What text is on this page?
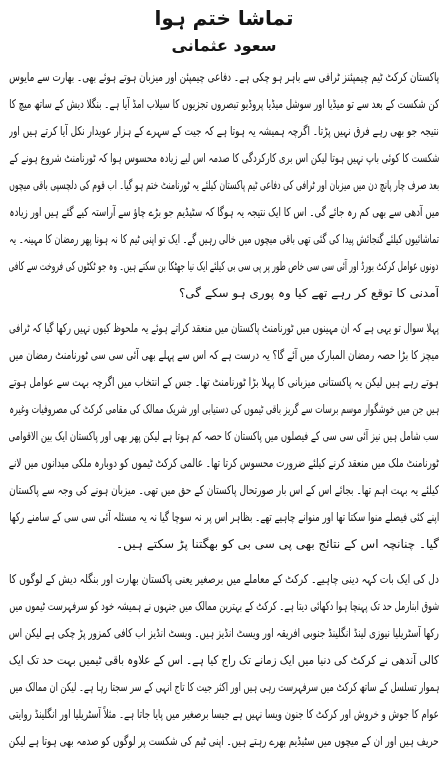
تماشا ختم ہوا
سعود عثمانی
پاکستان کرکٹ ٹیم چیمپئنز ٹرافی سے باہر ہو چکی ہے۔ دفاعی چیمپئن اور میزبان ہوتے ہوئے بھی۔ بھارت سے مایوس
کن شکست کے بعد سے تو میڈیا اور سوشل میڈیا پروڈیو تبصروں تجزیوں کا سیلاب امڈ آیا ہے۔ بنگلا دیش کے ساتھ میچ کا
نتیجہ جو بھی رہے فرق نہیں پڑتا۔ اگرچہ ہمیشہ یہ ہوتا ہے کہ جیت کے سہرے کے ہزار عویدار نکل آیا کرتے ہیں اور
شکست کا کوئی باپ نہیں ہوتا لیکن اس بری کارکردگی کا صدمہ اس لیے زیادہ محسوس ہوا کہ ٹورنامنٹ شروع ہونے کے
بعد صرف چار پانچ دن میں میزبان اور ٹرافی کی دفاعی ٹیم پاکستان کیلئے یہ ٹورنامنٹ ختم ہو گیا۔ اب قوم کی دلچسپی باقی میچوں
میں آدھی سے بھی کم رہ جائے گی۔ اس کا ایک نتیجہ یہ ہوگا کہ سٹیڈیم جو بڑے چاؤ سے آراستہ کیے گئے ہیں اور زیادہ
تماشائیوں کیلئے گنجائش پیدا کی گئی تھی باقی میچوں میں خالی رہیں گے۔ ایک تو اپنی ٹیم کا نہ ہونا پھر رمضان کا مہینہ۔ یہ
دونوں عوامل کرکٹ بورڈ اور آئی سی سی خاص طور پر پی سی بی کیلئے ایک نیا جھٹکا بن سکتے ہیں۔ وہ جو ٹکٹوں کی فروخت سے کافی
آمدنی کا توقع کر رہے تھے کیا وہ پوری ہو سکے گی؟
پہلا سوال تو یہی ہے کہ ان مہینوں میں ٹورنامنٹ پاکستان میں منعقد کراتے ہوئے یہ ملحوظ کیوں نہیں رکھا گیا کہ ٹرافی
میچز کا بڑا حصہ رمضان المبارک میں آئے گا؟ یہ درست ہے کہ اس سے پہلے بھی آئی سی سی ٹورنامنٹ رمضان میں
ہوتے رہے ہیں لیکن یہ پاکستانی میزبانی کا پہلا بڑا ٹورنامنٹ تھا۔ جس کے انتخاب میں اگرچہ بہت سے عوامل ہوتے
ہیں جن میں خوشگوار موسم برسات سے گریز باقی ٹیموں کی دستیابی اور شریک ممالک کی مقامی کرکٹ کی مصروفیات وغیرہ
سب شامل ہیں نیز آئی سی سی کے فیصلوں میں پاکستان کا حصہ کم ہوتا ہے لیکن پھر بھی اور پاکستان ایک بین الاقوامی
ٹورنامنٹ ملک میں منعقد کرنے کیلئے ضرورت محسوس کرتا تھا۔ عالمی کرکٹ ٹیموں کو دوبارہ ملکی میدانوں میں لانے
کیلئے یہ بہت اہم تھا۔ بجائے اس کے اس بار صورتحال پاکستان کے حق میں تھی۔ میزبان ہونے کی وجہ سے پاکستان
اپنے کئی فیصلے منوا سکتا تھا اور منوانے چاہیے تھے۔ بظاہر اس پر نہ سوچا گیا نہ یہ مسئلہ آئی سی سی کے سامنے رکھا
گیا۔ چنانچہ اس کے نتائج بھی پی سی بی کو بھگتنا پڑ سکتے ہیں۔
دل کی ایک بات کہہ دینی چاہیے۔ کرکٹ کے معاملے میں برصغیر یعنی پاکستان بھارت اور بنگلہ دیش کے لوگوں کا
شوق ابنارمل حد تک پہنچا ہوا دکھائی دیتا ہے۔ کرکٹ کے بہترین ممالک میں جنہوں نے ہمیشہ خود کو سرفہرست ٹیموں میں
رکھا آسٹریلیا نیوزی لینڈ انگلینڈ جنوبی افریقہ اور ویسٹ انڈیز ہیں۔ ویسٹ انڈیز اب کافی کمزور پڑ چکی ہے لیکن اس
کالی آندھی نے کرکٹ کی دنیا میں ایک زمانے تک راج کیا ہے۔ اس کے علاوہ باقی ٹیمیں بہت حد تک ایک
ہموار تسلسل کے ساتھ کرکٹ میں سرفہرست رہی ہیں اور اکثر جیت کا تاج انہی کے سر سجتا رہا ہے۔ لیکن ان ممالک میں
عوام کا جوش و خروش اور کرکٹ کا جنون ویسا نہیں ہے جیسا برصغیر میں پایا جاتا ہے۔ مثلاً آسٹریلیا اور انگلینڈ روایتی
حریف ہیں اور ان کے میچوں میں سٹیڈیم بھرے رہتے ہیں۔ اپنی ٹیم کی شکست پر لوگوں کو صدمہ بھی ہوتا ہے لیکن
